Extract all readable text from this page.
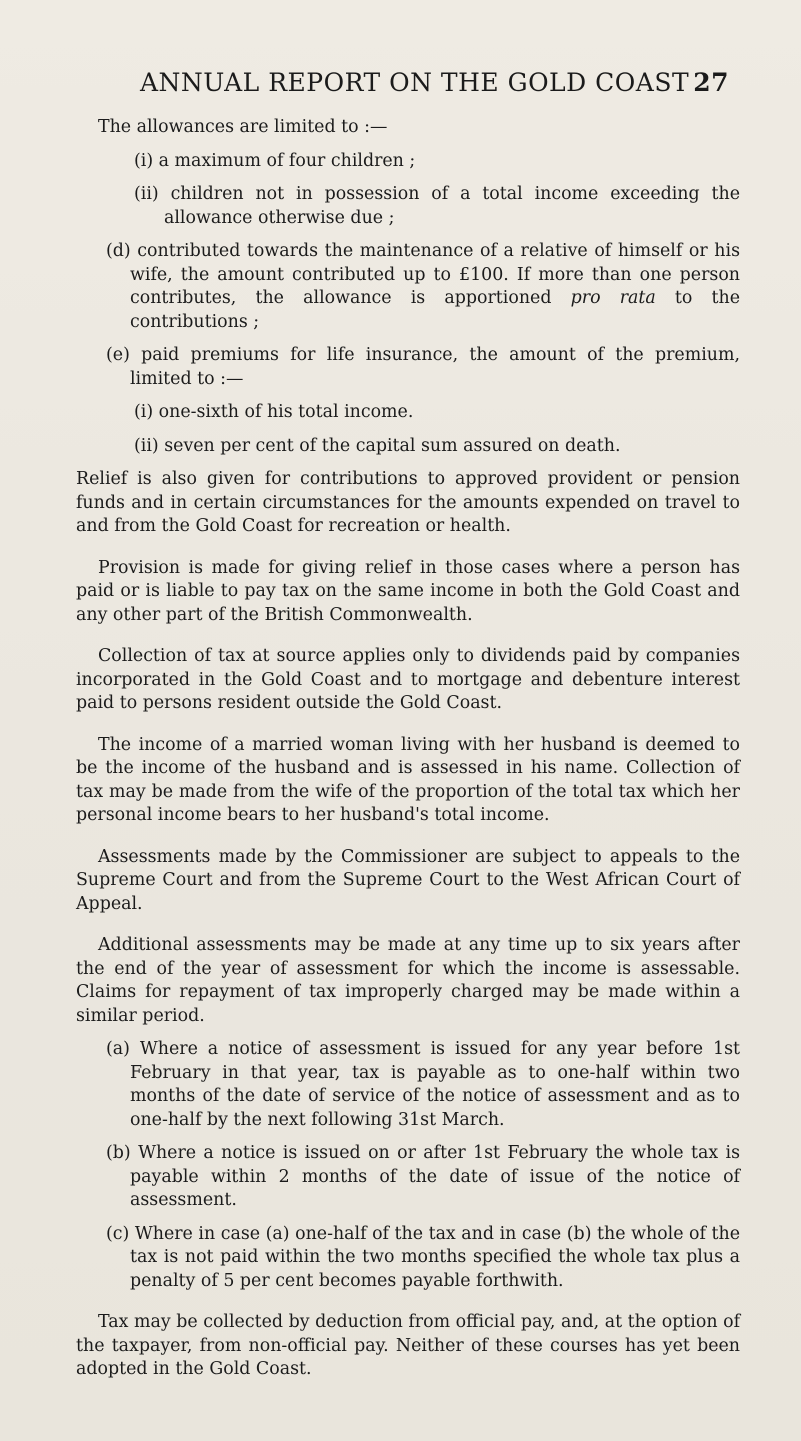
ANNUAL REPORT ON THE GOLD COAST 27

The allowances are limited to :—

(i) a maximum of four children ;

(ii) children not in possession of a total income exceeding the allowance otherwise due ;

(d) contributed towards the maintenance of a relative of himself or his wife, the amount contributed up to £100. If more than one person contributes, the allowance is apportioned pro rata to the contributions ;

(e) paid premiums for life insurance, the amount of the premium, limited to :—

(i) one-sixth of his total income.

(ii) seven per cent of the capital sum assured on death.

Relief is also given for contributions to approved provident or pension funds and in certain circumstances for the amounts expended on travel to and from the Gold Coast for recreation or health.

Provision is made for giving relief in those cases where a person has paid or is liable to pay tax on the same income in both the Gold Coast and any other part of the British Commonwealth.

Collection of tax at source applies only to dividends paid by companies incorporated in the Gold Coast and to mortgage and debenture interest paid to persons resident outside the Gold Coast.

The income of a married woman living with her husband is deemed to be the income of the husband and is assessed in his name. Collection of tax may be made from the wife of the proportion of the total tax which her personal income bears to her husband's total income.

Assessments made by the Commissioner are subject to appeals to the Supreme Court and from the Supreme Court to the West African Court of Appeal.

Additional assessments may be made at any time up to six years after the end of the year of assessment for which the income is assessable. Claims for repayment of tax improperly charged may be made within a similar period.

(a) Where a notice of assessment is issued for any year before 1st February in that year, tax is payable as to one-half within two months of the date of service of the notice of assessment and as to one-half by the next following 31st March.

(b) Where a notice is issued on or after 1st February the whole tax is payable within 2 months of the date of issue of the notice of assessment.

(c) Where in case (a) one-half of the tax and in case (b) the whole of the tax is not paid within the two months specified the whole tax plus a penalty of 5 per cent becomes payable forthwith.

Tax may be collected by deduction from official pay, and, at the option of the taxpayer, from non-official pay. Neither of these courses has yet been adopted in the Gold Coast.
